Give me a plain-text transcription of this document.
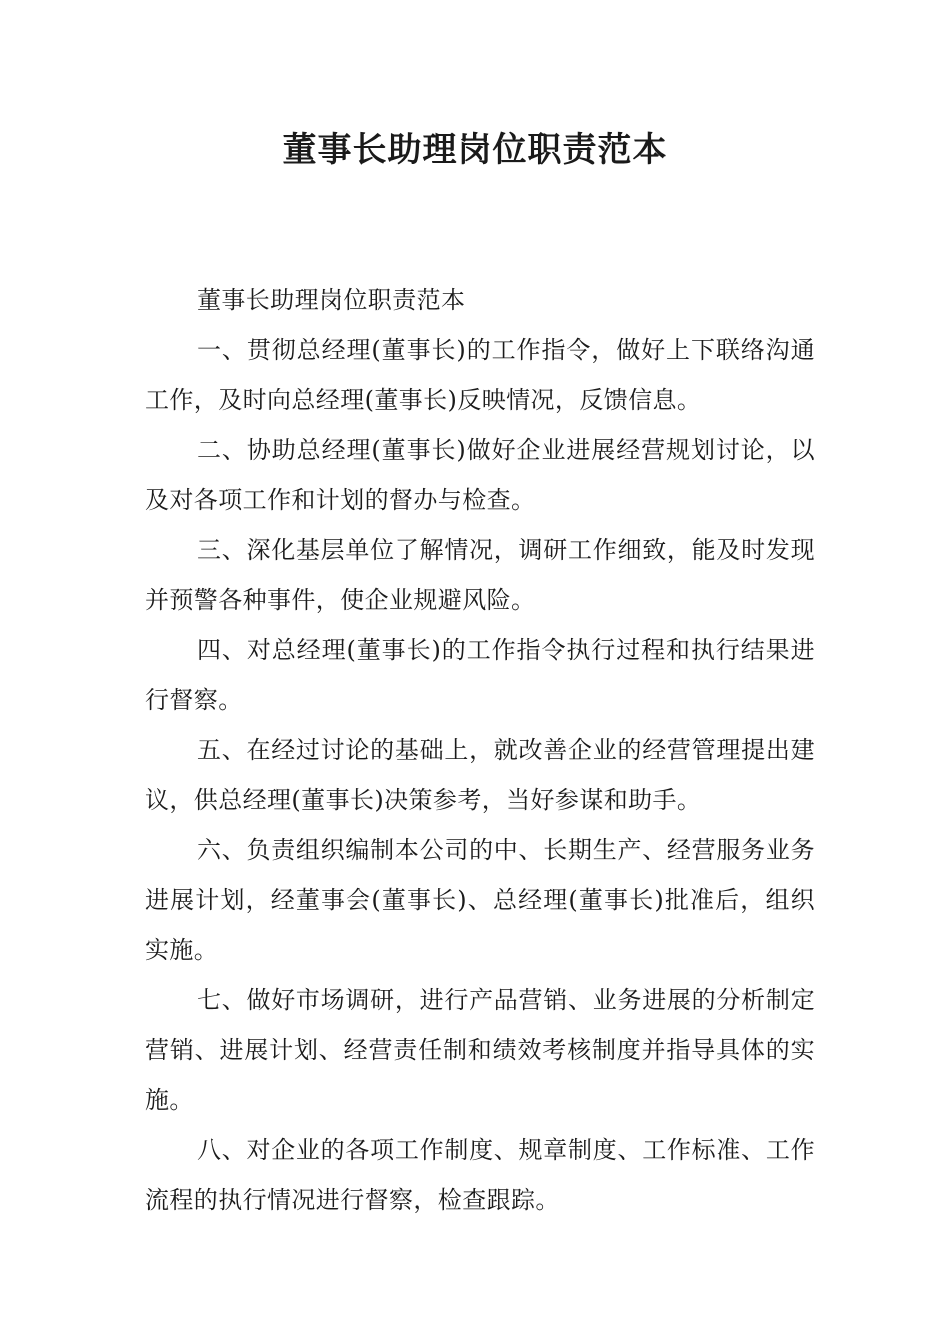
董事长助理岗位职责范本

董事长助理岗位职责范本

一、贯彻总经理(董事长)的工作指令，做好上下联络沟通工作，及时向总经理(董事长)反映情况，反馈信息。

二、协助总经理(董事长)做好企业进展经营规划讨论，以及对各项工作和计划的督办与检查。

三、深化基层单位了解情况，调研工作细致，能及时发现并预警各种事件，使企业规避风险。

四、对总经理(董事长)的工作指令执行过程和执行结果进行督察。

五、在经过讨论的基础上，就改善企业的经营管理提出建议，供总经理(董事长)决策参考，当好参谋和助手。

六、负责组织编制本公司的中、长期生产、经营服务业务进展计划，经董事会(董事长)、总经理(董事长)批准后，组织实施。

七、做好市场调研，进行产品营销、业务进展的分析制定营销、进展计划、经营责任制和绩效考核制度并指导具体的实施。

八、对企业的各项工作制度、规章制度、工作标准、工作流程的执行情况进行督察，检查跟踪。
